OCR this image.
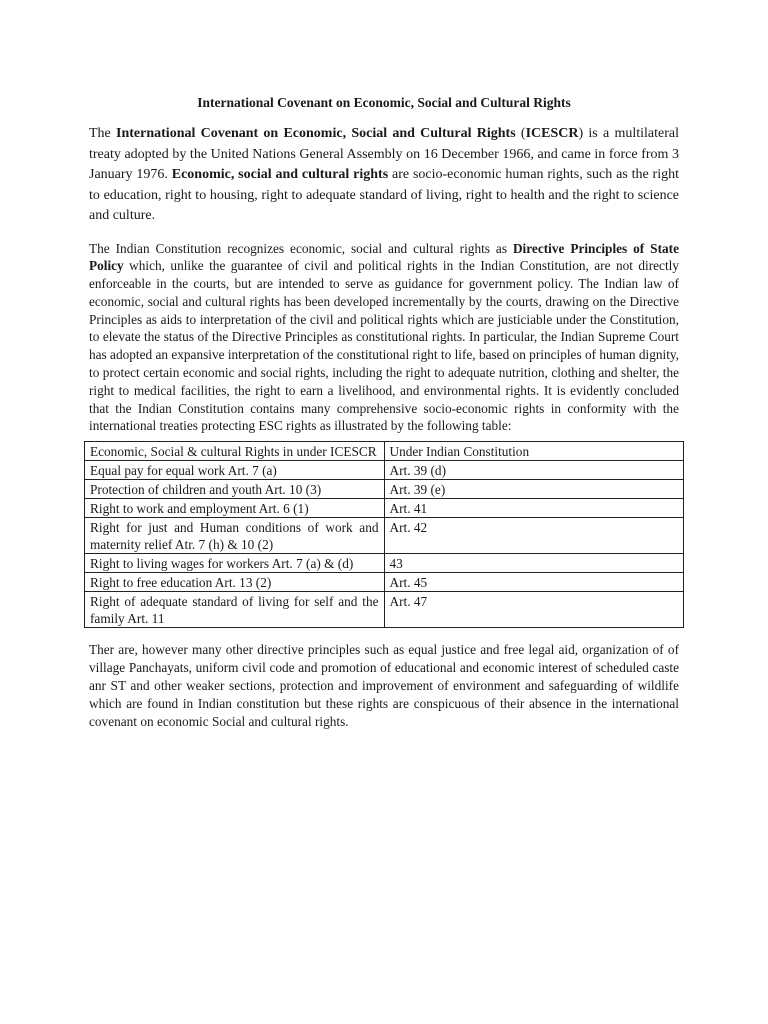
International Covenant on Economic, Social and Cultural Rights

The International Covenant on Economic, Social and Cultural Rights (ICESCR) is a multilateral treaty adopted by the United Nations General Assembly on 16 December 1966, and came in force from 3 January 1976. Economic, social and cultural rights are socio-economic human rights, such as the right to education, right to housing, right to adequate standard of living, right to health and the right to science and culture.

The Indian Constitution recognizes economic, social and cultural rights as Directive Principles of State Policy which, unlike the guarantee of civil and political rights in the Indian Constitution, are not directly enforceable in the courts, but are intended to serve as guidance for government policy. The Indian law of economic, social and cultural rights has been developed incrementally by the courts, drawing on the Directive Principles as aids to interpretation of the civil and political rights which are justiciable under the Constitution, to elevate the status of the Directive Principles as constitutional rights. In particular, the Indian Supreme Court has adopted an expansive interpretation of the constitutional right to life, based on principles of human dignity, to protect certain economic and social rights, including the right to adequate nutrition, clothing and shelter, the right to medical facilities, the right to earn a livelihood, and environmental rights. It is evidently concluded that the Indian Constitution contains many comprehensive socio-economic rights in conformity with the international treaties protecting ESC rights as illustrated by the following table:

Economic, Social & cultural Rights in under ICESCR	Under Indian Constitution
Equal pay for equal work Art. 7 (a)	Art. 39 (d)
Protection of children and youth Art. 10 (3)	Art. 39 (e)
Right to work and employment Art. 6 (1)	Art. 41
Right for just and Human conditions of work and maternity relief Atr. 7 (h) & 10 (2)	Art. 42
Right to living wages for workers Art. 7 (a) & (d)	43
Right to free education Art. 13 (2)	Art. 45
Right of adequate standard of living for self and the family Art. 11	Art. 47

Ther are, however many other directive principles such as equal justice and free legal aid, organization of of village Panchayats, uniform civil code and promotion of educational and economic interest of scheduled caste anr ST and other weaker sections, protection and improvement of environment and safeguarding of wildlife which are found in Indian constitution but these rights are conspicuous of their absence in the international covenant on economic Social and cultural rights.
